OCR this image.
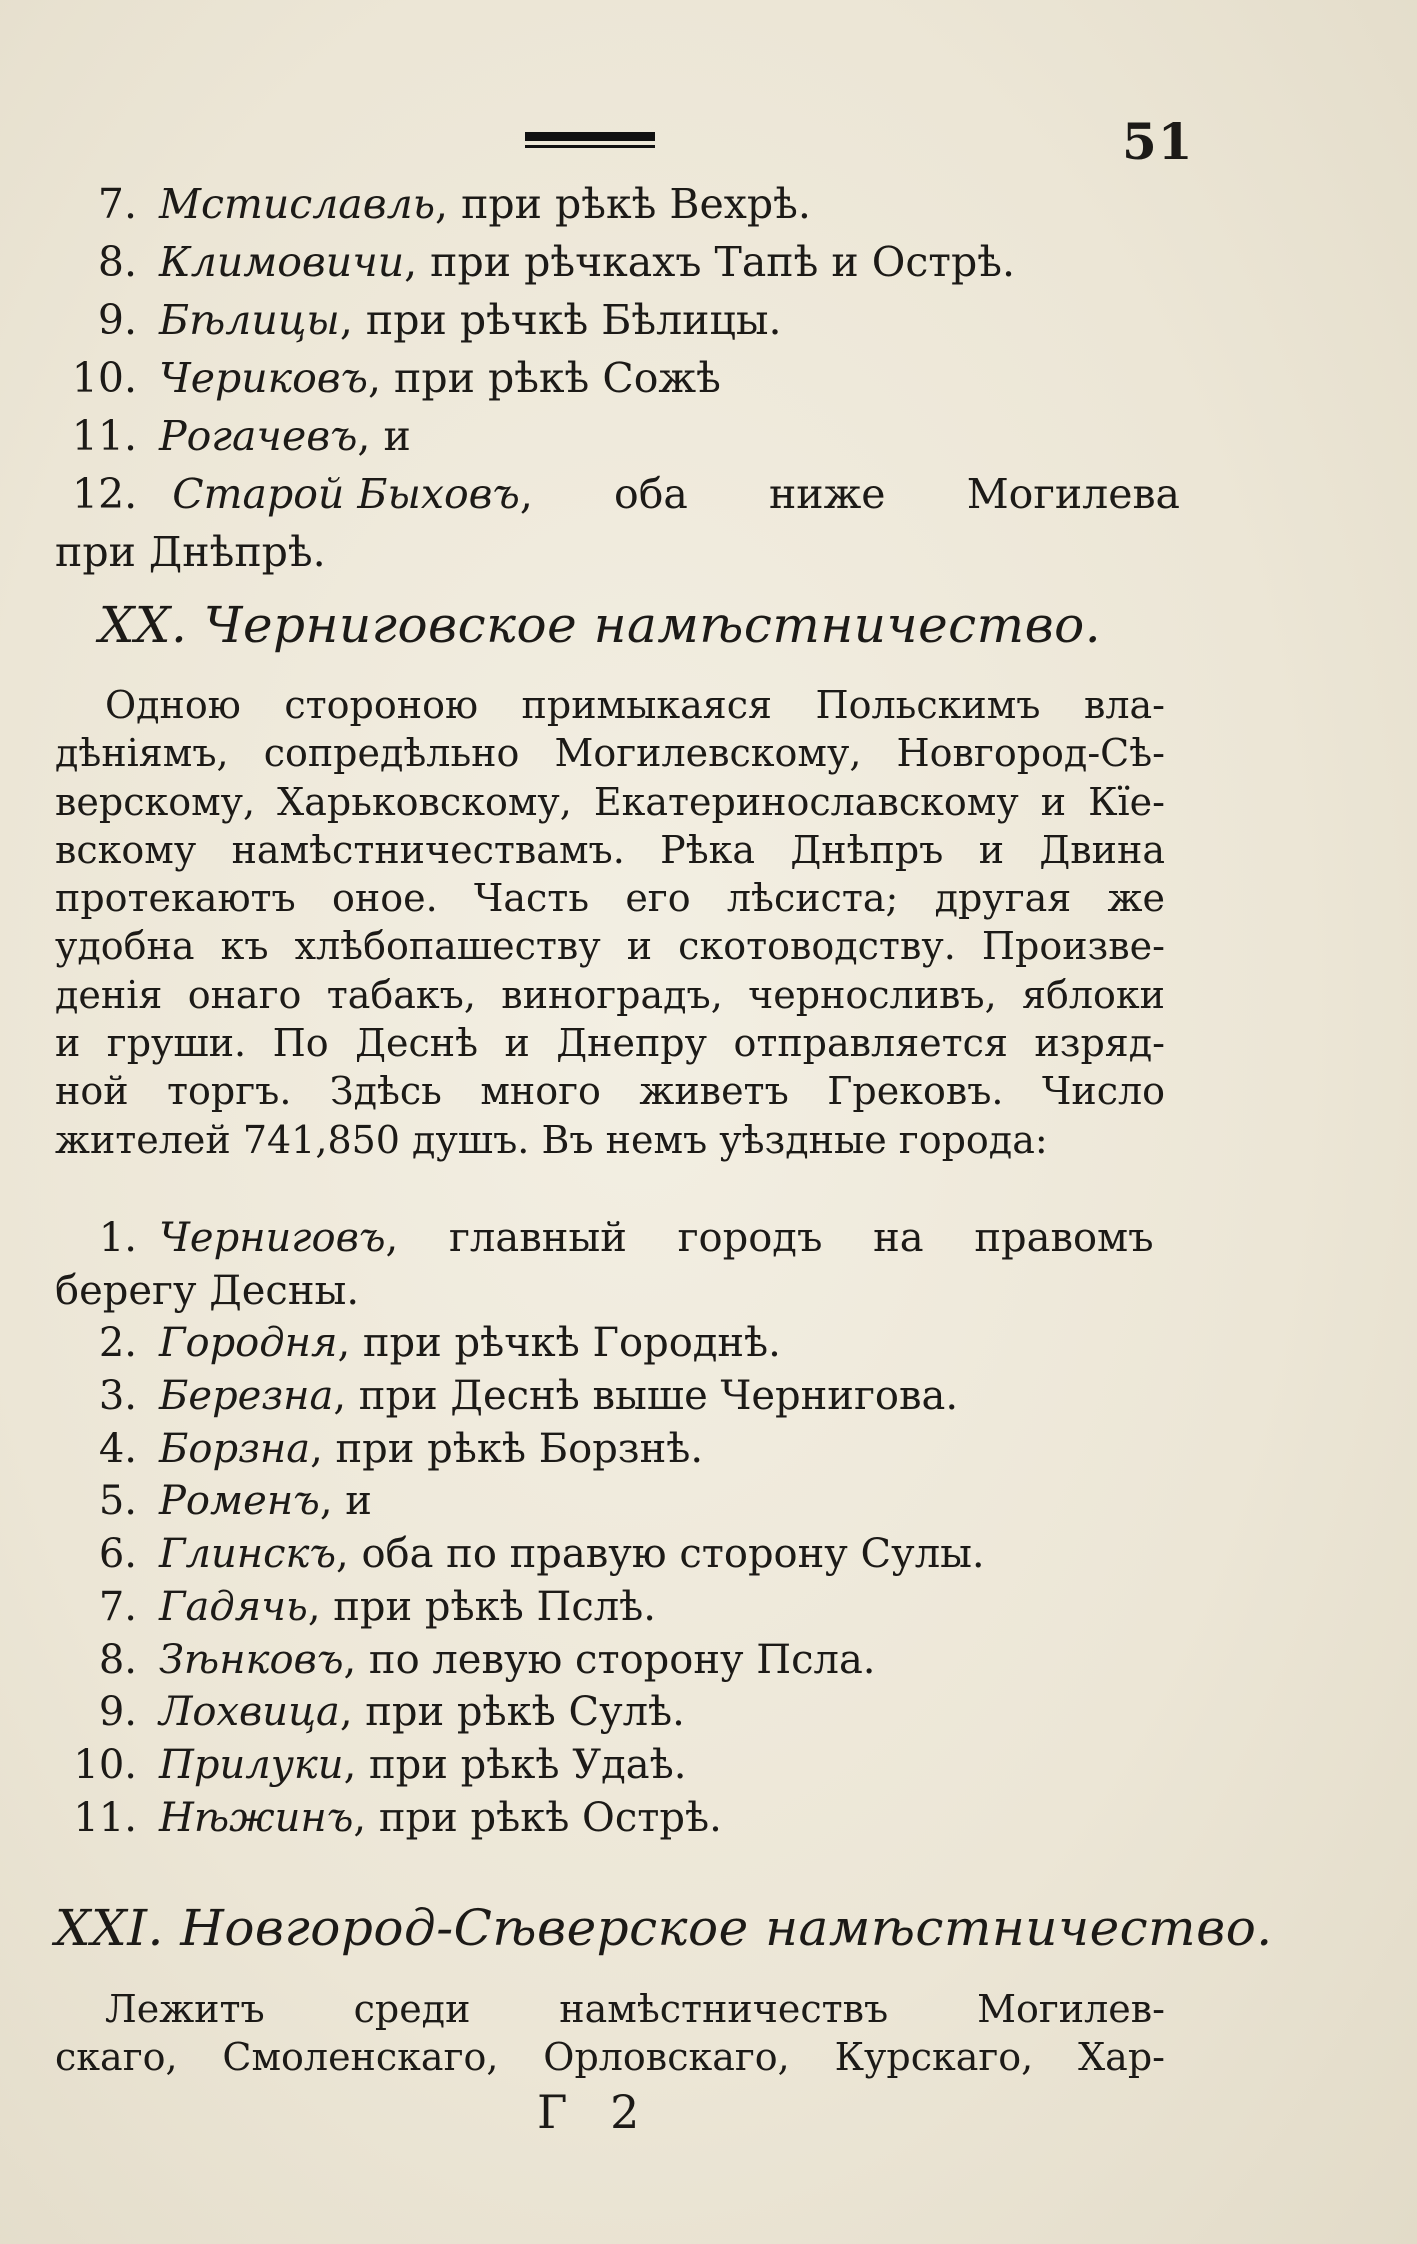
51
7. Мстиславль, при рѣкѣ Вехрѣ.
8. Климовичи, при рѣчкахъ Тапѣ и Острѣ.
9. Бѣлицы, при рѣчкѣ Бѣлицы.
10. Чериковъ, при рѣкѣ Сожѣ
11. Рогачевъ, и
12. Старой Быховъ, оба ниже Могилева
при Днѣпрѣ.
XX. Черниговское намѣстничество.
Одною стороною примыкаяся Польскимъ вла-
дѣніямъ, сопредѣльно Могилевскому, Новгород-Сѣ-
верскому, Харьковскому, Екатеринославскому и Кїе-
вскому намѣстничествамъ. Рѣка Днѣпръ и Двина
протекаютъ оное. Часть его лѣсиста; другая же
удобна къ хлѣбопашеству и скотоводству. Произве-
денія онаго табакъ, виноградъ, черносливъ, яблоки
и груши. По Деснѣ и Днепру отправляется изряд-
ной торгъ. Здѣсь много живетъ Грековъ. Число
жителей 741,850 душъ. Въ немъ уѣздные города:
1. Черниговъ, главный городъ на правомъ
берегу Десны.
2. Городня, при рѣчкѣ Городнѣ.
3. Березна, при Деснѣ выше Чернигова.
4. Борзна, при рѣкѣ Борзнѣ.
5. Роменъ, и
6. Глинскъ, оба по правую сторону Сулы.
7. Гадячь, при рѣкѣ Пслѣ.
8. Зѣнковъ, по левую сторону Псла.
9. Лохвица, при рѣкѣ Сулѣ.
10. Прилуки, при рѣкѣ Удаѣ.
11. Нѣжинъ, при рѣкѣ Острѣ.
XXI. Новгород-Сѣверское намѣстничество.
Лежитъ среди намѣстничествъ Могилев-
скаго, Смоленскаго, Орловскаго, Курскаго, Хар-
Г 2
